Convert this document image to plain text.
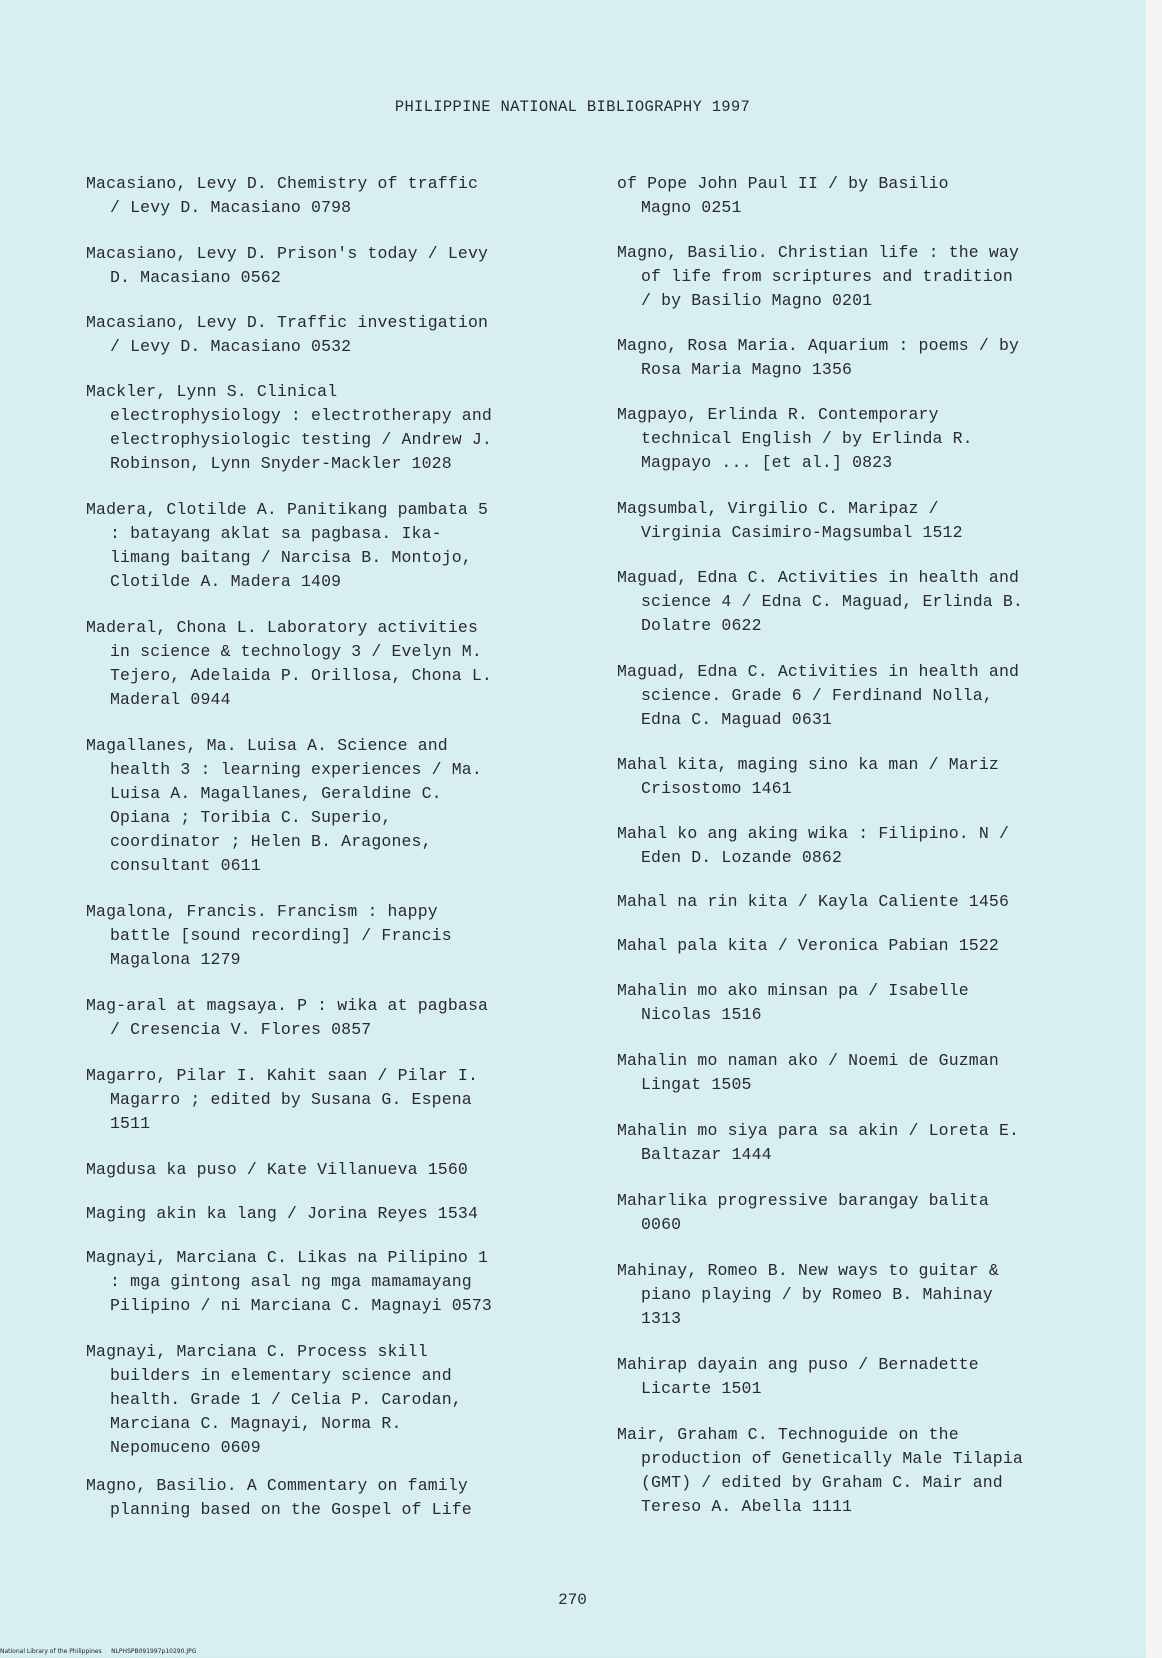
PHILIPPINE NATIONAL BIBLIOGRAPHY 1997

Macasiano, Levy D. Chemistry of traffic
/ Levy D. Macasiano 0798

Macasiano, Levy D. Prison's today / Levy
D. Macasiano 0562

Macasiano, Levy D. Traffic investigation
/ Levy D. Macasiano 0532

Mackler, Lynn S. Clinical
electrophysiology : electrotherapy and
electrophysiologic testing / Andrew J.
Robinson, Lynn Snyder-Mackler 1028

Madera, Clotilde A. Panitikang pambata 5
: batayang aklat sa pagbasa. Ika-
limang baitang / Narcisa B. Montojo,
Clotilde A. Madera 1409

Maderal, Chona L. Laboratory activities
in science & technology 3 / Evelyn M.
Tejero, Adelaida P. Orillosa, Chona L.
Maderal 0944

Magallanes, Ma. Luisa A. Science and
health 3 : learning experiences / Ma.
Luisa A. Magallanes, Geraldine C.
Opiana ; Toribia C. Superio,
coordinator ; Helen B. Aragones,
consultant 0611

Magalona, Francis. Francism : happy
battle [sound recording] / Francis
Magalona 1279

Mag-aral at magsaya. P : wika at pagbasa
/ Cresencia V. Flores 0857

Magarro, Pilar I. Kahit saan / Pilar I.
Magarro ; edited by Susana G. Espena
1511

Magdusa ka puso / Kate Villanueva 1560

Maging akin ka lang / Jorina Reyes 1534

Magnayi, Marciana C. Likas na Pilipino 1
: mga gintong asal ng mga mamamayang
Pilipino / ni Marciana C. Magnayi 0573

Magnayi, Marciana C. Process skill
builders in elementary science and
health. Grade 1 / Celia P. Carodan,
Marciana C. Magnayi, Norma R.
Nepomuceno 0609

Magno, Basilio. A Commentary on family
planning based on the Gospel of Life

of Pope John Paul II / by Basilio
Magno 0251

Magno, Basilio. Christian life : the way
of life from scriptures and tradition
/ by Basilio Magno 0201

Magno, Rosa Maria. Aquarium : poems / by
Rosa Maria Magno 1356

Magpayo, Erlinda R. Contemporary
technical English / by Erlinda R.
Magpayo ... [et al.] 0823

Magsumbal, Virgilio C. Maripaz /
Virginia Casimiro-Magsumbal 1512

Maguad, Edna C. Activities in health and
science 4 / Edna C. Maguad, Erlinda B.
Dolatre 0622

Maguad, Edna C. Activities in health and
science. Grade 6 / Ferdinand Nolla,
Edna C. Maguad 0631

Mahal kita, maging sino ka man / Mariz
Crisostomo 1461

Mahal ko ang aking wika : Filipino. N /
Eden D. Lozande 0862

Mahal na rin kita / Kayla Caliente 1456

Mahal pala kita / Veronica Pabian 1522

Mahalin mo ako minsan pa / Isabelle
Nicolas 1516

Mahalin mo naman ako / Noemi de Guzman
Lingat 1505

Mahalin mo siya para sa akin / Loreta E.
Baltazar 1444

Maharlika progressive barangay balita
0060

Mahinay, Romeo B. New ways to guitar &
piano playing / by Romeo B. Mahinay
1313

Mahirap dayain ang puso / Bernadette
Licarte 1501

Mair, Graham C. Technoguide on the
production of Genetically Male Tilapia
(GMT) / edited by Graham C. Mair and
Tereso A. Abella 1111

270
National Library of the Philippines     NLPHSPB091997p10290.JPG
